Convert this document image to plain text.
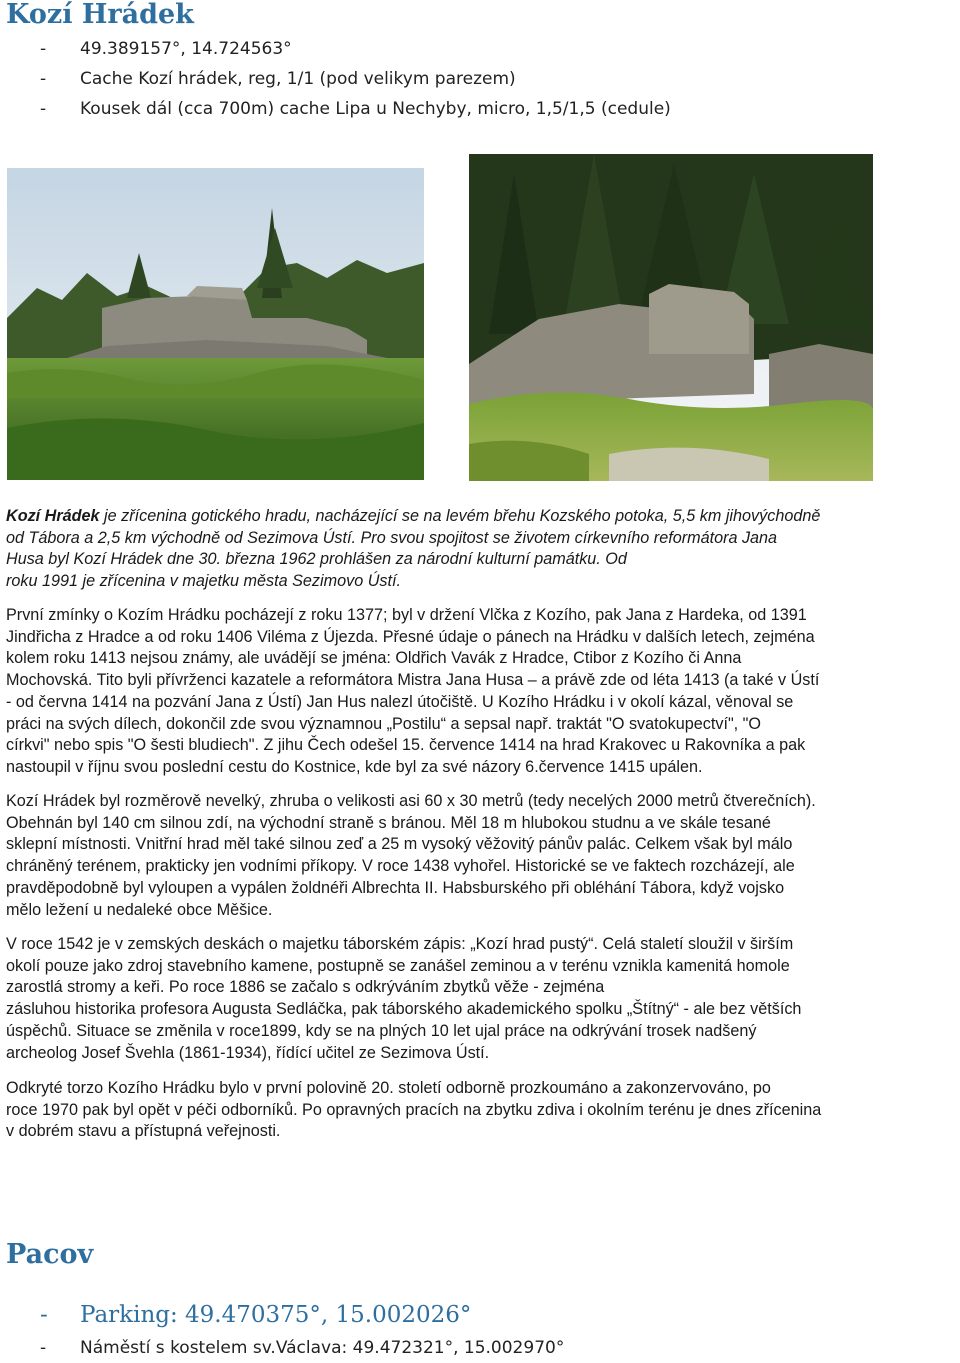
Kozí Hrádek
- 49.389157°, 14.724563°
- Cache Kozí hrádek, reg, 1/1 (pod velikym parezem)
- Kousek dál (cca 700m) cache Lipa u Nechyby, micro, 1,5/1,5 (cedule)

Kozí Hrádek je zřícenina gotického hradu, nacházející se na levém břehu Kozského potoka, 5,5 km jihovýchodně
od Tábora a 2,5 km východně od Sezimova Ústí. Pro svou spojitost se životem církevního reformátora Jana
Husa byl Kozí Hrádek dne 30. března 1962 prohlášen za národní kulturní památku. Od
roku 1991 je zřícenina v majetku města Sezimovo Ústí.

První zmínky o Kozím Hrádku pocházejí z roku 1377; byl v držení Vlčka z Kozího, pak Jana z Hardeka, od 1391
Jindřicha z Hradce a od roku 1406 Viléma z Újezda. Přesné údaje o pánech na Hrádku v dalších letech, zejména
kolem roku 1413 nejsou známy, ale uvádějí se jména: Oldřich Vavák z Hradce, Ctibor z Kozího či Anna
Mochovská. Tito byli přívrženci kazatele a reformátora Mistra Jana Husa – a právě zde od léta 1413 (a také v Ústí
- od června 1414 na pozvání Jana z Ústí) Jan Hus nalezl útočiště. U Kozího Hrádku i v okolí kázal, věnoval se
práci na svých dílech, dokončil zde svou významnou „Postilu“ a sepsal např. traktát "O svatokupectví", "O
církvi" nebo spis "O šesti bludiech". Z jihu Čech odešel 15. července 1414 na hrad Krakovec u Rakovníka a pak
nastoupil v říjnu svou poslední cestu do Kostnice, kde byl za své názory 6.července 1415 upálen.

Kozí Hrádek byl rozměrově nevelký, zhruba o velikosti asi 60 x 30 metrů (tedy necelých 2000 metrů čtverečních).
Obehnán byl 140 cm silnou zdí, na východní straně s bránou. Měl 18 m hlubokou studnu a ve skále tesané
sklepní místnosti. Vnitřní hrad měl také silnou zeď a 25 m vysoký věžovitý pánův palác. Celkem však byl málo
chráněný terénem, prakticky jen vodními příkopy. V roce 1438 vyhořel. Historické se ve faktech rozcházejí, ale
pravděpodobně byl vyloupen a vypálen žoldnéři Albrechta II. Habsburského při obléhání Tábora, když vojsko
mělo ležení u nedaleké obce Měšice.

V roce 1542 je v zemských deskách o majetku táborském zápis: „Kozí hrad pustý“. Celá staletí sloužil v širším
okolí pouze jako zdroj stavebního kamene, postupně se zanášel zeminou a v terénu vznikla kamenitá homole
zarostlá stromy a keři. Po roce 1886 se začalo s odkrýváním zbytků věže - zejména
zásluhou historika profesora Augusta Sedláčka, pak táborského akademického spolku „Štítný“ - ale bez větších
úspěchů. Situace se změnila v roce1899, kdy se na plných 10 let ujal práce na odkrývání trosek nadšený
archeolog Josef Švehla (1861-1934), řídící učitel ze Sezimova Ústí.

Odkryté torzo Kozího Hrádku bylo v první polovině 20. století odborně prozkoumáno a zakonzervováno, po
roce 1970 pak byl opět v péči odborníků. Po opravných pracích na zbytku zdiva i okolním terénu je dnes zřícenina
v dobrém stavu a přístupná veřejnosti.

Pacov
- Parking: 49.470375°, 15.002026°
- Náměstí s kostelem sv.Václava: 49.472321°, 15.002970°
